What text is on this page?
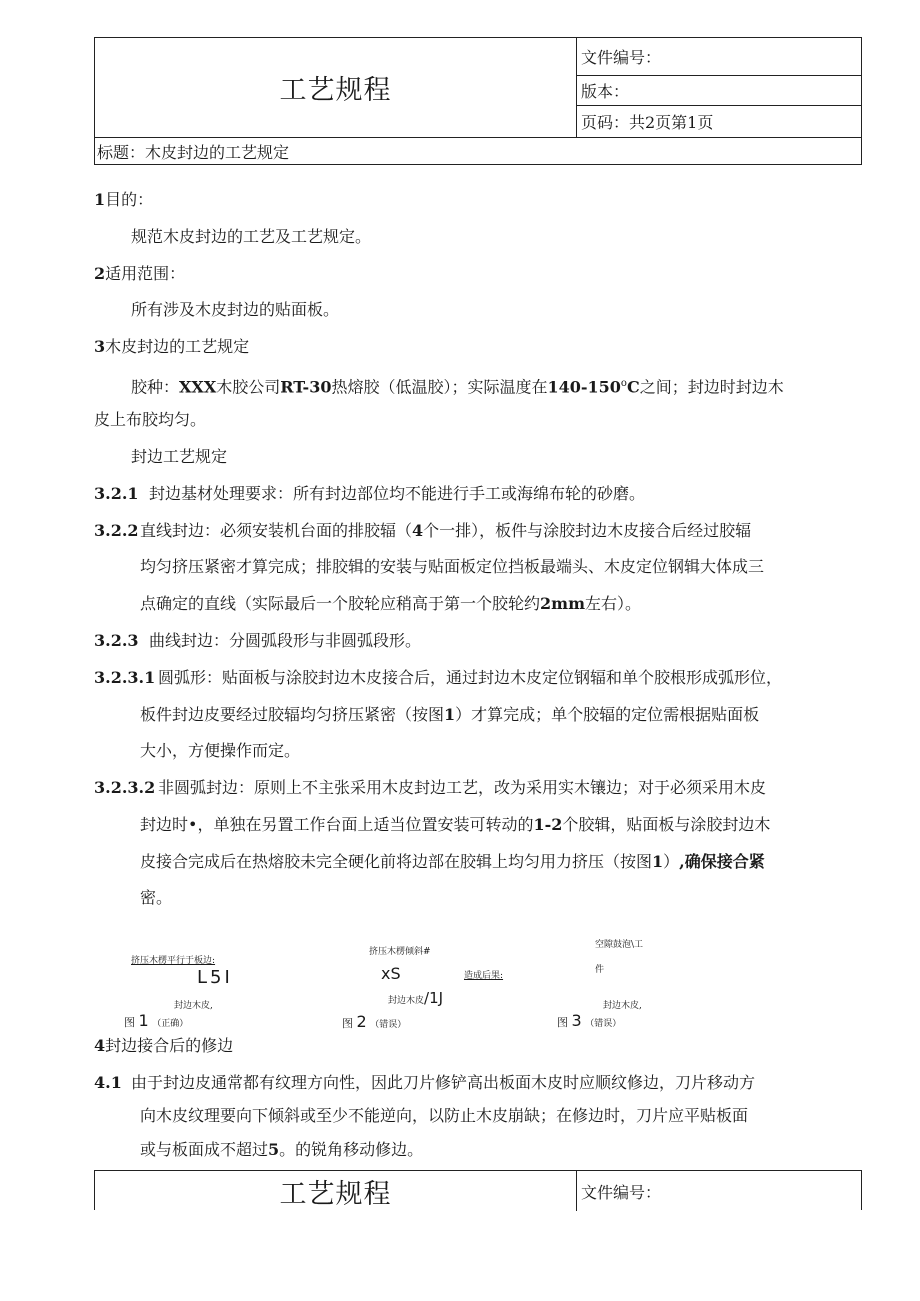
工艺规程
文件编号：
版本：
页码：共2页第1页
标题：木皮封边的工艺规定
1目的：
规范木皮封边的工艺及工艺规定。
2适用范围：
所有涉及木皮封边的贴面板。
3木皮封边的工艺规定
胶种：XXX木胶公司RT-30热熔胶（低温胶）；实际温度在140-150$^o$C之间；封边时封边木
皮上布胶均匀。
封边工艺规定
3.2.1 封边基材处理要求：所有封边部位均不能进行手工或海绵布轮的砂磨。
3.2.2 直线封边：必须安装机台面的排胶辐（4个一排），板件与涂胶封边木皮接合后经过胶辐
均匀挤压紧密才算完成；排胶辑的安装与贴面板定位挡板最端头、木皮定位钢辑大体成三
点确定的直线（实际最后一个胶轮应稍高于第一个胶轮约2mm左右）。
3.2.3 曲线封边：分圆弧段形与非圆弧段形。
3.2.3.1 圆弧形：贴面板与涂胶封边木皮接合后，通过封边木皮定位钢辐和单个胶根形成弧形位，
板件封边皮要经过胶辐均匀挤压紧密（按图1）才算完成；单个胶辐的定位需根据贴面板
大小，方便操作而定。
3.2.3.2 非圆弧封边：原则上不主张采用木皮封边工艺，改为采用实木镶边；对于必须采用木皮
封边时•，单独在另置工作台面上适当位置安装可转动的1-2个胶辑，贴面板与涂胶封边木
皮接合完成后在热熔胶未完全硬化前将边部在胶辑上均匀用力挤压（按图1）,确保接合紧
密。
挤压木楞平行于板边:
L5I
封边木皮,
图 1 （正确）
挤压木楞倾斜#
xS	造成后果:
封边木皮/1J
图 2 （错误）
空隙鼓泡\工
件
封边木皮,
图 3 （错误）
4封边接合后的修边
4.1 由于封边皮通常都有纹理方向性，因此刀片修铲高出板面木皮时应顺纹修边，刀片移动方
向木皮纹理要向下倾斜或至少不能逆向，以防止木皮崩缺；在修边时，刀片应平贴板面
或与板面成不超过5。的锐角移动修边。
工艺规程	文件编号：
